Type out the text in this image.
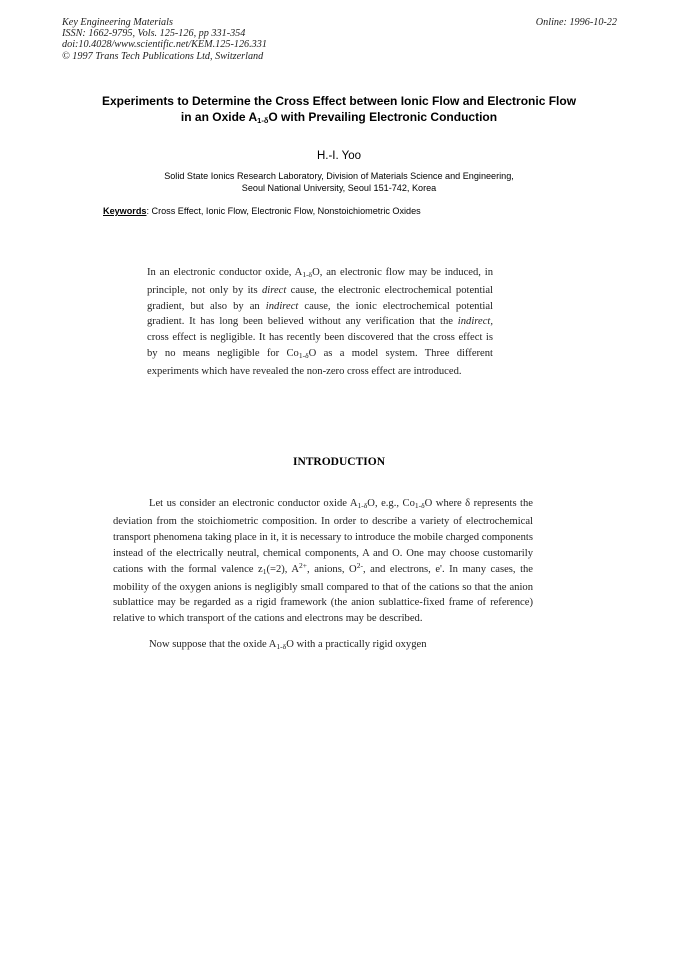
Key Engineering Materials
ISSN: 1662-9795, Vols. 125-126, pp 331-354
doi:10.4028/www.scientific.net/KEM.125-126.331
© 1997 Trans Tech Publications Ltd, Switzerland
Online: 1996-10-22
Experiments to Determine the Cross Effect between Ionic Flow and Electronic Flow in an Oxide $A_{1-\delta}O$ with Prevailing Electronic Conduction
H.-I. Yoo
Solid State Ionics Research Laboratory, Division of Materials Science and Engineering,
Seoul National University, Seoul 151-742, Korea
Keywords: Cross Effect, Ionic Flow, Electronic Flow, Nonstoichiometric Oxides
In an electronic conductor oxide, $A_{1-\delta}O$, an electronic flow may be induced, in principle, not only by its direct cause, the electronic electrochemical potential gradient, but also by an indirect cause, the ionic electrochemical potential gradient. It has long been believed without any verification that the indirect, cross effect is negligible. It has recently been discovered that the cross effect is by no means negligible for $Co_{1-\delta}O$ as a model system. Three different experiments which have revealed the non-zero cross effect are introduced.
INTRODUCTION

Let us consider an electronic conductor oxide $A_{1-\delta}O$, e.g., $Co_{1-\delta}O$ where δ represents the deviation from the stoichiometric composition. In order to describe a variety of electrochemical transport phenomena taking place in it, it is necessary to introduce the mobile charged components instead of the electrically neutral, chemical components, A and O. One may choose customarily cations with the formal valence $z_1(=2)$, $A^{2+}$, anions, $O^{2-}$, and electrons, e'. In many cases, the mobility of the oxygen anions is negligibly small compared to that of the cations so that the anion sublattice may be regarded as a rigid framework (the anion sublattice-fixed frame of reference) relative to which transport of the cations and electrons may be described.

Now suppose that the oxide $A_{1-\delta}O$ with a practically rigid oxygen
